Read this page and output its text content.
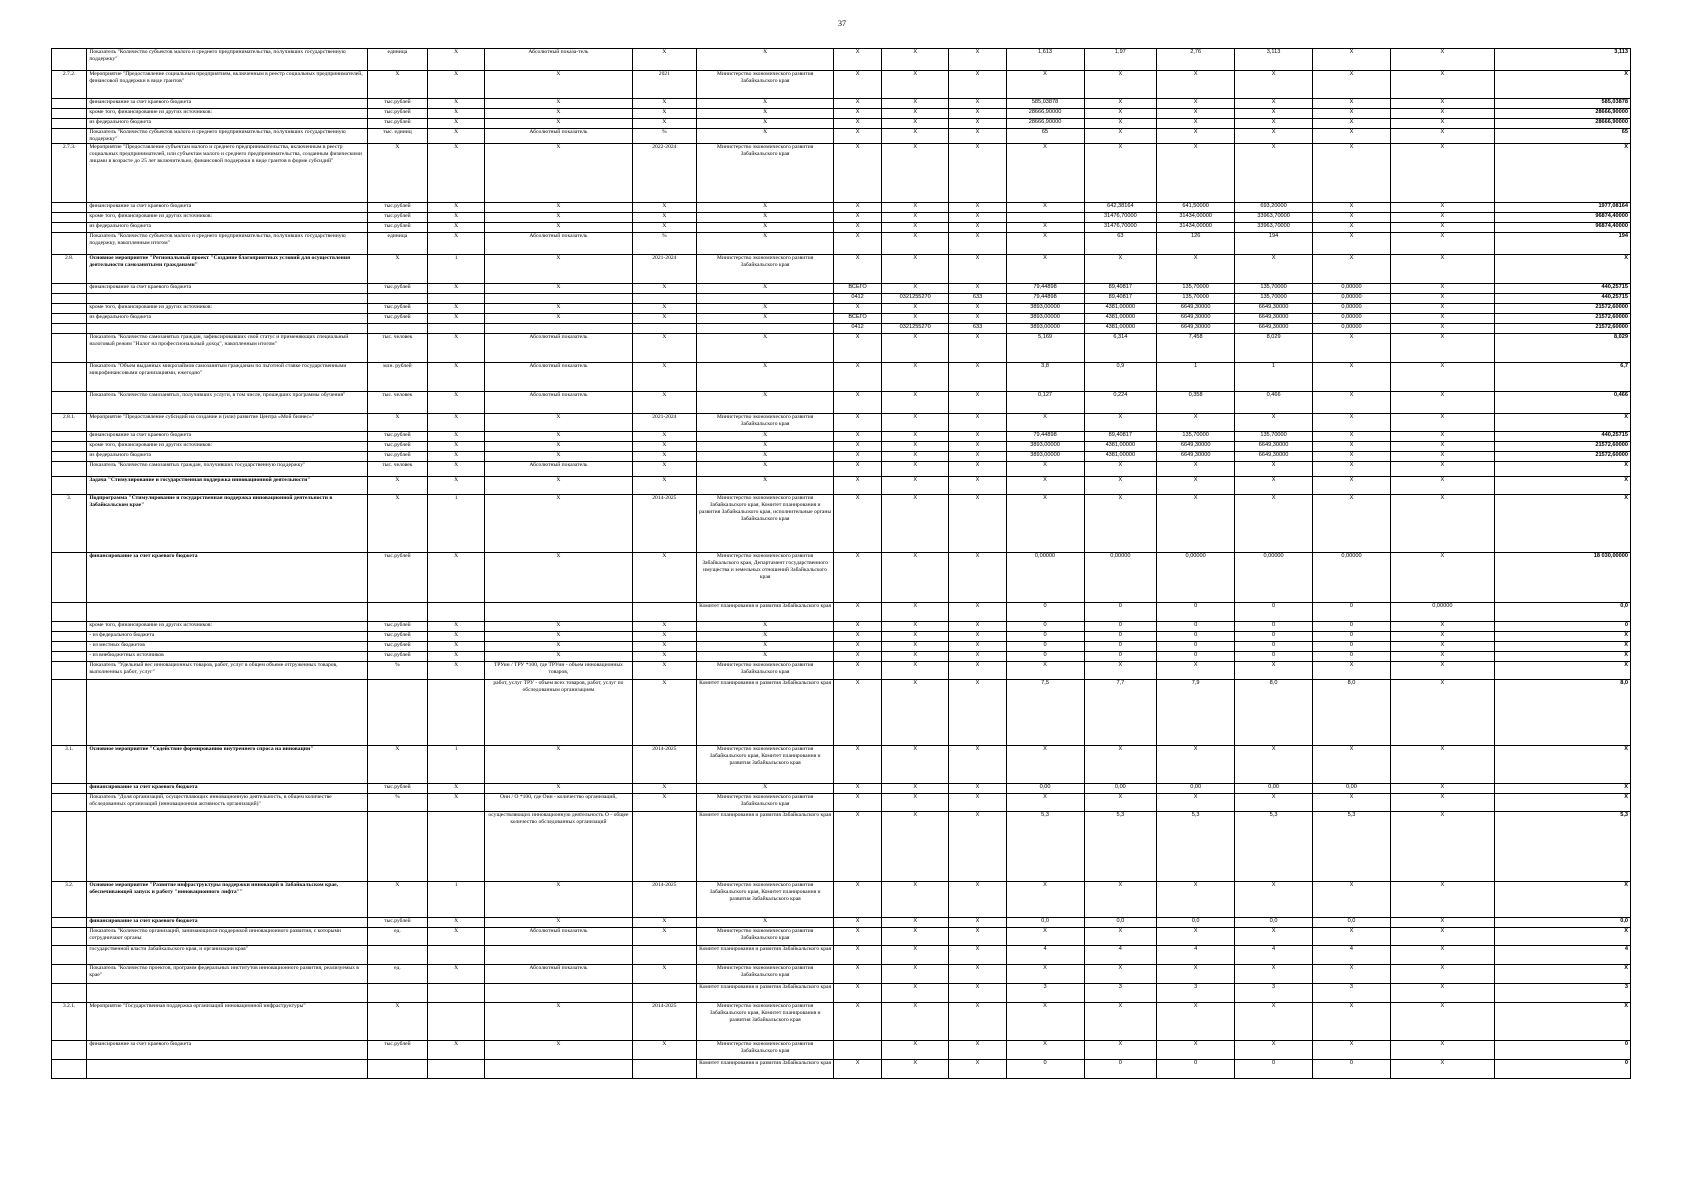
37
	Показатель "Количество субъектов малого и среднего предпринимательства, получивших государственную поддержку"	единица	X	Абсолютный показа-тель	X	X	X	X	X	1,613	1,97	2,76	3,113	X	X	3,113
2.7.2.	Мероприятие "Предоставление социальным предприятиям, включенным в реестр социальных предпринимателей, финансовой поддержки в виде грантов"	X	X	X	2021	Министерство экономического развития Забайкальского края	X	X	X	X	X	X	X	X	X	X
	финансирование за счет краевого бюджета	тыс.рублей	X	X	X	X	X	X	X	585,03878	X	X	X	X	X	585,03878
	кроме того, финансирование из других источников:	тыс.рублей	X	X	X	X	X	X	X	28666,90000	X	X	X	X	X	28666,90000
	из федерального бюджета	тыс.рублей	X	X	X	X	X	X	X	28666,90000	X	X	X	X	X	28666,90000
	Показатель "Количество субъектов малого и среднего предпринимательства, получивших государственную поддержку"	тыс. единиц	X	Абсолютный показатель	%	X	X	X	X	65	X	X	X	X	X	65
2.7.3.	Мероприятие "Предоставление субъектам малого и среднего предпринимательства, включенным в реестр социальных предпринимателей, или субъектам малого и среднего предпринимательства, созданным физическими лицами в возрасте до 25 лет включительно, финансовой поддержки в виде грантов в форме субсидий"	X	X	X	2022-2024	Министерство экономического развития Забайкальского края	X	X	X	X	X	X	X	X	X	X
	финансирование за счет краевого бюджета	тыс.рублей	X	X	X	X	X	X	X	X	642,38164	641,50000	693,20000	X	X	1977,08164
	кроме того, финансирование из других источников:	тыс.рублей	X	X	X	X	X	X	X		31476,70000	31434,00000	33963,70000	X	X	96874,40000
	из федерального бюджета	тыс.рублей	X	X	X	X	X	X	X	X	31476,70000	31434,00000	33963,70000	X	X	96874,40000
	Показатель "Количество субъектов малого и среднего предпринимательства, получивших государственную поддержку, накопленным итогом"	единица	X	Абсолютный показатель	%	X	X	X	X	X	63	126	194	X	X	194
2.8.	Основное мероприятие "Региональный проект "Создание благоприятных условий для осуществления деятельности самозанятыми гражданами"	X	1	X	2021-2024	Министерство экономического развития Забайкальского края	X	X	X	X	X	X	X	X	X	X
	финансирование за счет краевого бюджета	тыс.рублей	X	X	X	X	ВСЕГО	X	X	79,44898	89,40817	135,70000	135,70000	0,00000	X	440,25715
							0412	0321255270	633	79,44898	89,40817	135,70000	135,70000	0,00000	X	440,25715
	кроме того, финансирование из других источников:	тыс.рублей	X	X	X	X	X	X	X	3893,00000	4381,00000	6649,30000	6649,30000	0,00000	X	21572,60000
	из федерального бюджета	тыс.рублей	X	X	X	X	ВСЕГО	X	X	3893,00000	4381,00000	6649,30000	6649,30000	0,00000	X	21572,60000
							0412	0321255270	633	3893,00000	4381,00000	6649,30000	6649,30000	0,00000	X	21572,60000
	Показатель "Количество самозанятых граждан, зафиксировавших свой статус и применяющих специальный налоговый режим "Налог на профессиональный доход", накопленным итогом"	тыс. человек	X	Абсолютный показатель	X	X	X	X	X	5,169	6,314	7,458	8,029	X	X	8,029
	Показатель "Объем выданных микрозаймов самозанятым гражданам по льготной ставке государственными микрофинансовыми организациями, ежегодно"	млн. рублей	X	Абсолютный показатель	X	X	X	X	X	3,8	0,9	1	1	X	X	6,7
	Показатель "Количество самозанятых, получивших услуги, в том числе, прошедших программы обучения"	тыс. человек	X	Абсолютный показатель	X	X	X	X	X	0,127	0,224	0,358	0,466	X	X	0,466
2.8.1.	Мероприятие "Предоставление субсидий на создание и (или) развитие Центра «Мой бизнес»"	X	X	X	2021-2024	Министерство экономического развития Забайкальского края	X	X	X	X	X	X	X	X	X	X
	финансирование за счет краевого бюджета	тыс.рублей	X	X	X	X	X	X	X	79,44898	89,40817	135,70000	135,70000	X	X	440,25715
	кроме того, финансирование из других источников:	тыс.рублей	X	X	X	X	X	X	X	3893,00000	4381,00000	6649,30000	6649,30000	X	X	21572,60000
	из федерального бюджета	тыс.рублей	X	X	X	X	X	X	X	3893,00000	4381,00000	6649,30000	6649,30000	X	X	21572,60000
	Показатель "Количество самозанятых граждан, получивших государственную поддержку"	тыс. человек	X	Абсолютный показатель	X	X	X	X	X	X	X	X	X	X	X	X
	Задача "Стимулирование и государственная поддержка инновационной деятельности"	X	X	X	X	X	X	X	X	X	X	X	X	X	X	X
3.	Подпрограмма "Стимулирование и государственная поддержка инновационной деятельности в Забайкальском крае"	X	1	X	2014-2025	Министерство экономического развития Забайкальского края, Комитет планирования и развития Забайкальского края, исполнительные органы Забайкальского края	X	X	X	X	X	X	X	X	X	X
	финансирование за счет краевого бюджета	тыс.рублей	X	X	X	Министерство экономического развития Забайкальского края, Департамент государственного имущества и земельных отношений Забайкальского края	X	X	X	0,00000	0,00000	0,00000	0,00000	0,00000	X	18 030,00000
						Комитет планирования и развития Забайкальского края	X	X	X	0	0	0	0	0	0,00000	0,0
	кроме того, финансирование из других источников:	тыс.рублей	X	X	X	X	X	X	X	0	0	0	0	0	X	0
	- из федерального бюджета	тыс.рублей	X	X	X	X	X	X	X	0	0	0	0	0	X	X
	- из местных бюджетов	тыс.рублей	X	X	X	X	X	X	X	0	0	0	0	0	X	X
	- из внебюджетных источников	тыс.рублей	X	X	X	X	X	X	X	0	0	0	0	0	X	X
	Показатель "Удельный вес инновационных товаров, работ, услуг в общем объеме отгруженных товаров, выполненных работ, услуг"	%	X	ТРУин / ТРУ *100, где ТРУин - объем инновационных товаров,	X	Министерство экономического развития Забайкальского края	X	X	X	X	X	X	X	X	X	X
				работ, услуг ТРУ - объем всех товаров, работ, услуг по обследованным организациям	X	Комитет планирования и развития Забайкальского края	X	X	X	7,5	7,7	7,9	8,0	8,0	X	8,0
3.1.	Основное мероприятие "Содействие формированию внутреннего спроса на инновации"	X	1	X	2014-2025	Министерство экономического развития Забайкальского края, Комитет планирования и развития Забайкальского края	X	X	X	X	X	X	X	X	X	X
	финансирование за счет краевого бюджета	тыс.рублей	X	X	X	X	X	X	X	0,00	0,00	0,00	0,00	0,00	X	X
	Показатель "Доля организаций, осуществляющих инновационную деятельность, в общем количестве обследованных организаций (инновационная активность организаций)"	%	X	Оин / О *100, где Оин - количество организаций,	X	Министерство экономического развития Забайкальского края	X	X	X	X	X	X	X	X	X	X
				осуществляющих инновационную деятельность О - общее количество обследованных организаций		Комитет планирования и развития Забайкальского края	X	X	X	5,3	5,3	5,3	5,3	5,3	X	5,3
3.2.	Основное мероприятие "Развитие инфраструктуры поддержки инноваций в Забайкальском крае, обеспечивающей запуск и работу "инновационного лифта""	X	1	X	2014-2025	Министерство экономического развития Забайкальского края, Комитет планирования и развития Забайкальского края	X	X	X	X	X	X	X	X	X	X
	финансирование за счет краевого бюджета	тыс.рублей	X	X	X	X	X	X	X	0,0	0,0	0,0	0,0	0,0	X	0,0
	Показатель "Количество организаций, занимающихся поддержкой инновационного развития, с которыми сотрудничают органы	ед.	X	Абсолютный показатель	X	Министерство экономического развития Забайкальского края	X	X	X	X	X	X	X	X	X	X
	государственной власти Забайкальского края, и организации края"					Комитет планирования и развития Забайкальского края	X	X	X	4	4	4	4	4	X	4
	Показатель "Количество проектов, программ федеральных институтов инновационного развития, реализуемых в крае"	ед.	X	Абсолютный показатель	X	Министерство экономического развития Забайкальского края	X	X	X	X	X	X	X	X	X	X
						Комитет планирования и развития Забайкальского края	X	X	X	3	3	3	3	3	X	3
3.2.1.	Мероприятие "Государственная поддержка организаций инновационной инфраструктуры"	X		X	2014-2025	Министерство экономического развития Забайкальского края, Комитет планирования и развития Забайкальского края	X	X	X	X	X	X	X	X	X	X
	финансирование за счет краевого бюджета	тыс.рублей	X	X	X	Министерство экономического развития Забайкальского края		X	X	X	X	X	X	X	X	0
						Комитет планирования и развития Забайкальского края	X	X	X	0	0	0	0	0	X	0
